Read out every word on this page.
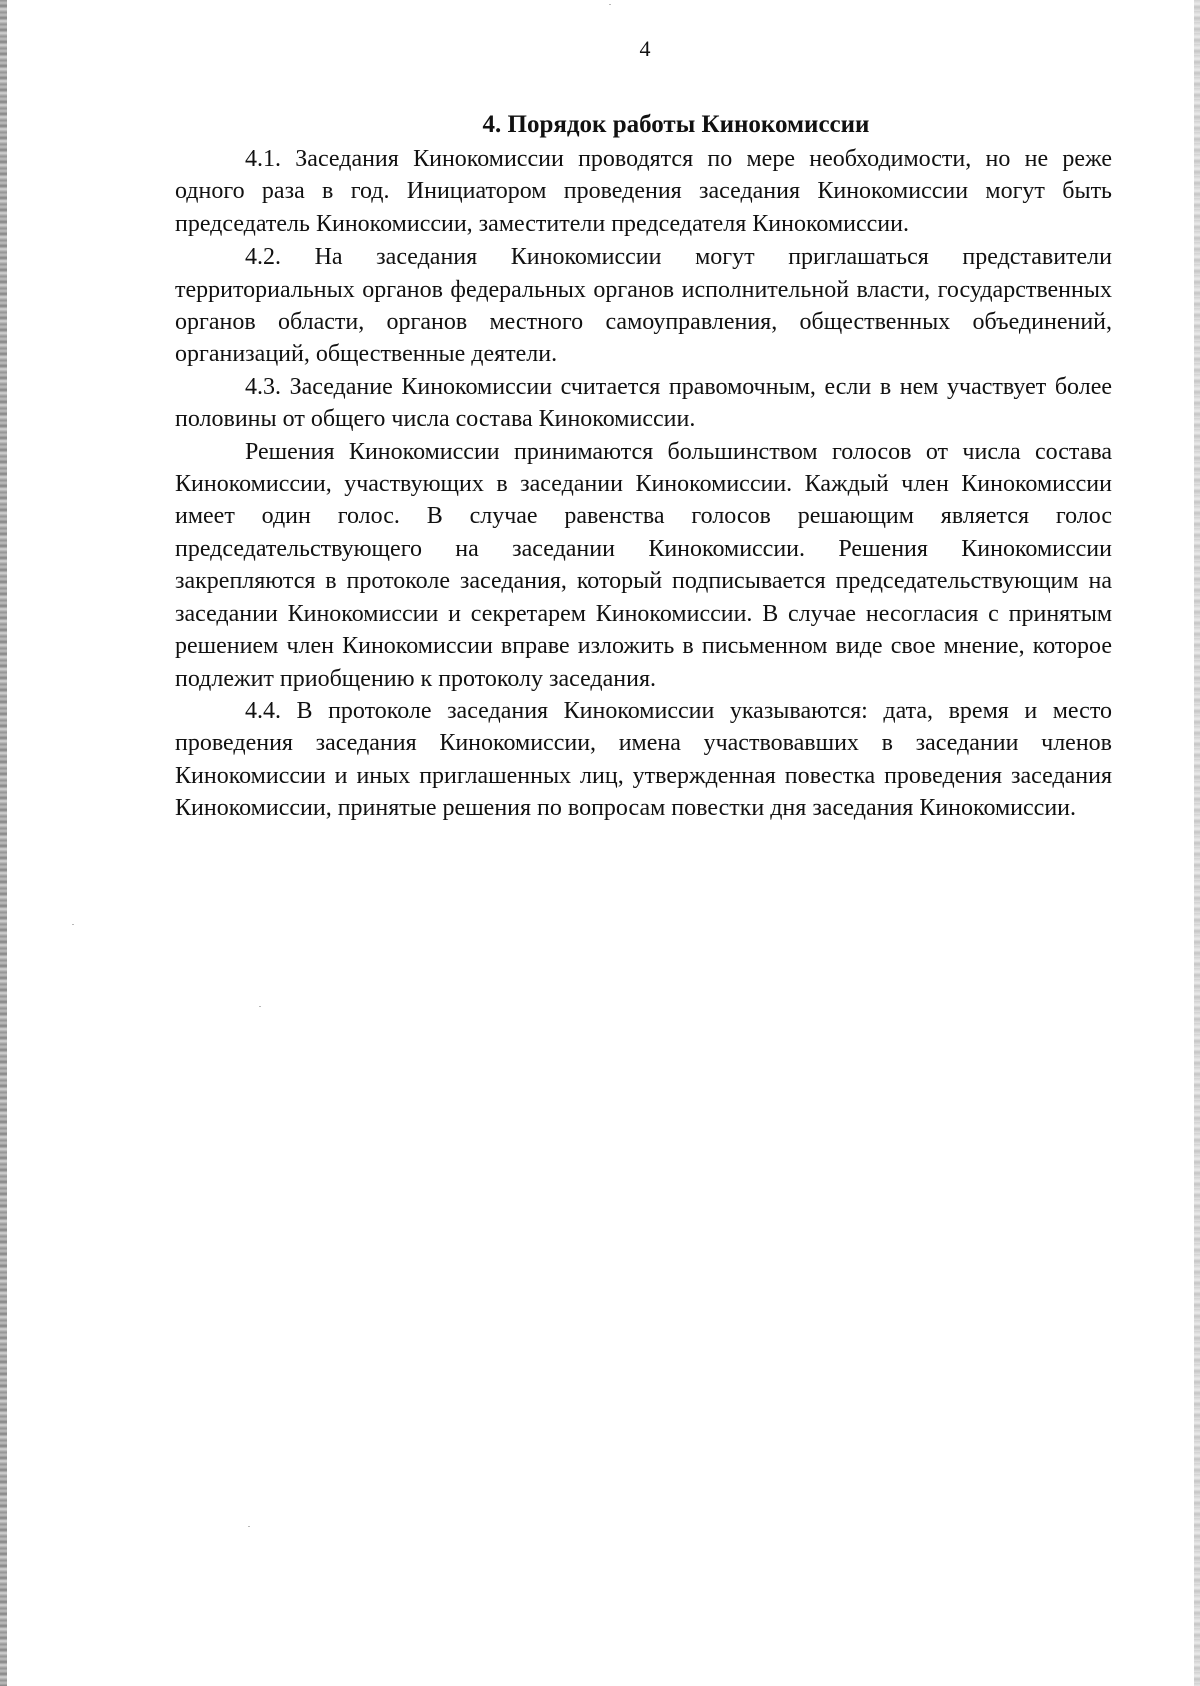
4
4. Порядок работы Кинокомиссии

4.1. Заседания Кинокомиссии проводятся по мере необходимости, но не реже одного раза в год. Инициатором проведения заседания Кинокомиссии могут быть председатель Кинокомиссии, заместители председателя Кинокомиссии.

4.2. На заседания Кинокомиссии могут приглашаться представители территориальных органов федеральных органов исполнительной власти, государственных органов области, органов местного самоуправления, общественных объединений, организаций, общественные деятели.

4.3. Заседание Кинокомиссии считается правомочным, если в нем участвует более половины от общего числа состава Кинокомиссии.

Решения Кинокомиссии принимаются большинством голосов от числа состава Кинокомиссии, участвующих в заседании Кинокомиссии. Каждый член Кинокомиссии имеет один голос. В случае равенства голосов решающим является голос председательствующего на заседании Кинокомиссии. Решения Кинокомиссии закрепляются в протоколе заседания, который подписывается председательствующим на заседании Кинокомиссии и секретарем Кинокомиссии. В случае несогласия с принятым решением член Кинокомиссии вправе изложить в письменном виде свое мнение, которое подлежит приобщению к протоколу заседания.

4.4. В протоколе заседания Кинокомиссии указываются: дата, время и место проведения заседания Кинокомиссии, имена участвовавших в заседании членов Кинокомиссии и иных приглашенных лиц, утвержденная повестка проведения заседания Кинокомиссии, принятые решения по вопросам повестки дня заседания Кинокомиссии.
